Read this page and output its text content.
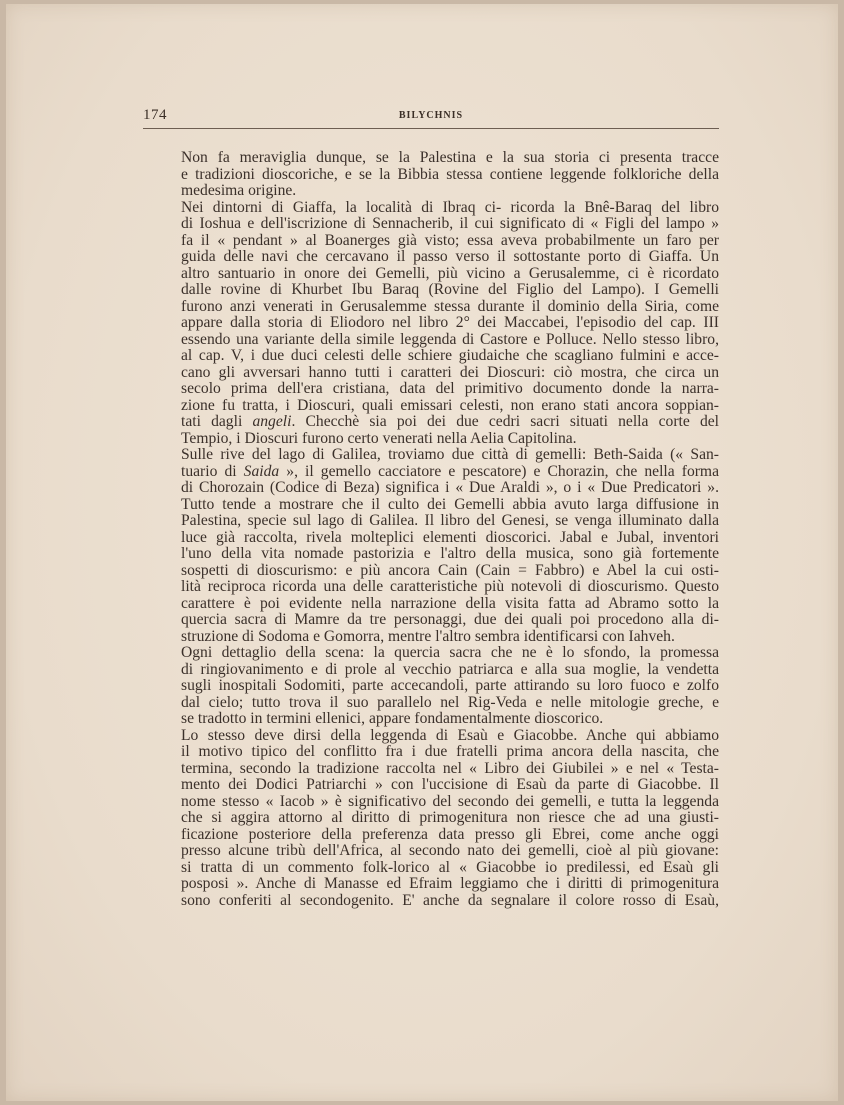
174	BILYCHNIS

Non fa meraviglia dunque, se la Palestina e la sua storia ci presenta tracce
e tradizioni dioscoriche, e se la Bibbia stessa contiene leggende folkloriche della
medesima origine.

Nei dintorni di Giaffa, la località di Ibraq ci- ricorda la Bnê-Baraq del libro
di Ioshua e dell'iscrizione di Sennacherib, il cui significato di « Figli del lampo »
fa il « pendant » al Boanerges già visto; essa aveva probabilmente un faro per
guida delle navi che cercavano il passo verso il sottostante porto di Giaffa. Un
altro santuario in onore dei Gemelli, più vicino a Gerusalemme, ci è ricordato
dalle rovine di Khurbet Ibu Baraq (Rovine del Figlio del Lampo). I Gemelli
furono anzi venerati in Gerusalemme stessa durante il dominio della Siria, come
appare dalla storia di Eliodoro nel libro 2° dei Maccabei, l'episodio del cap. III
essendo una variante della simile leggenda di Castore e Polluce. Nello stesso libro,
al cap. V, i due duci celesti delle schiere giudaiche che scagliano fulmini e acce-
cano gli avversari hanno tutti i caratteri dei Dioscuri: ciò mostra, che circa un
secolo prima dell'era cristiana, data del primitivo documento donde la narra-
zione fu tratta, i Dioscuri, quali emissari celesti, non erano stati ancora soppian-
tati dagli angeli. Checchè sia poi dei due cedri sacri situati nella corte del
Tempio, i Dioscuri furono certo venerati nella Aelia Capitolina.

Sulle rive del lago di Galilea, troviamo due città di gemelli: Beth-Saida (« San-
tuario di Saida », il gemello cacciatore e pescatore) e Chorazin, che nella forma
di Chorozain (Codice di Beza) significa i « Due Araldi », o i « Due Predicatori ».
Tutto tende a mostrare che il culto dei Gemelli abbia avuto larga diffusione in
Palestina, specie sul lago di Galilea. Il libro del Genesi, se venga illuminato dalla
luce già raccolta, rivela molteplici elementi dioscorici. Jabal e Jubal, inventori
l'uno della vita nomade pastorizia e l'altro della musica, sono già fortemente
sospetti di dioscurismo: e più ancora Cain (Cain = Fabbro) e Abel la cui osti-
lità reciproca ricorda una delle caratteristiche più notevoli di dioscurismo. Questo
carattere è poi evidente nella narrazione della visita fatta ad Abramo sotto la
quercia sacra di Mamre da tre personaggi, due dei quali poi procedono alla di-
struzione di Sodoma e Gomorra, mentre l'altro sembra identificarsi con Iahveh.

Ogni dettaglio della scena: la quercia sacra che ne è lo sfondo, la promessa
di ringiovanimento e di prole al vecchio patriarca e alla sua moglie, la vendetta
sugli inospitali Sodomiti, parte accecandoli, parte attirando su loro fuoco e zolfo
dal cielo; tutto trova il suo parallelo nel Rig-Veda e nelle mitologie greche, e
se tradotto in termini ellenici, appare fondamentalmente dioscorico.

Lo stesso deve dirsi della leggenda di Esaù e Giacobbe. Anche qui abbiamo
il motivo tipico del conflitto fra i due fratelli prima ancora della nascita, che
termina, secondo la tradizione raccolta nel « Libro dei Giubilei » e nel « Testa-
mento dei Dodici Patriarchi » con l'uccisione di Esaù da parte di Giacobbe. Il
nome stesso « Iacob » è significativo del secondo dei gemelli, e tutta la leggenda
che si aggira attorno al diritto di primogenitura non riesce che ad una giusti-
ficazione posteriore della preferenza data presso gli Ebrei, come anche oggi
presso alcune tribù dell'Africa, al secondo nato dei gemelli, cioè al più giovane:
si tratta di un commento folk-lorico al « Giacobbe io predilessi, ed Esaù gli
posposi ». Anche di Manasse ed Efraim leggiamo che i diritti di primogenitura
sono conferiti al secondogenito. E' anche da segnalare il colore rosso di Esaù,
